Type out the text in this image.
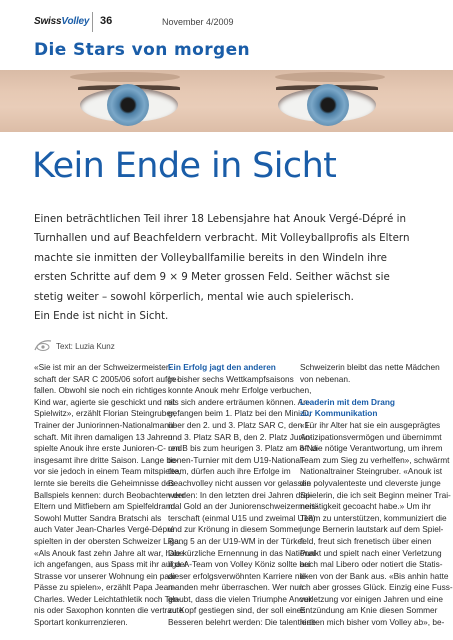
SwissVolley 36	November 4/2009
Die Stars von morgen
Kein Ende in Sicht
Einen beträchtlichen Teil ihrer 18 Lebensjahre hat Anouk Vergé-Dépré in
Turnhallen und auf Beachfeldern verbracht. Mit Volleyballprofis als Eltern
machte sie inmitten der Volleyballfamilie bereits in den Windeln ihre
ersten Schritte auf dem 9 × 9 Meter grossen Feld. Seither wächst sie
stetig weiter – sowohl körperlich, mental wie auch spielerisch.
Ein Ende ist nicht in Sicht.
Text: Luzia Kunz
«Sie ist mir an der Schweizermeister-
schaft der SAR C 2005/06 sofort aufge-
fallen. Obwohl sie noch ein richtiges
Kind war, agierte sie geschickt und mit
Spielwitz», erzählt Florian Steingruber,
Trainer der Juniorinnen-Nationalmann-
schaft. Mit ihren damaligen 13 Jahren
spielte Anouk ihre erste Junioren-C- und
insgesamt ihre dritte Saison. Lange be-
vor sie jedoch in einem Team mitspielte,
lernte sie bereits die Geheimnisse des
Ballspiels kennen: durch Beobachten der
Eltern und Mitfiebern am Spielfeldrand.
Sowohl Mutter Sandra Bratschi als
auch Vater Jean-Charles Vergé-Dépré
spielten in der obersten Schweizer Liga.
«Als Anouk fast zehn Jahre alt war, habe
ich angefangen, aus Spass mit ihr auf der
Strasse vor unserer Wohnung ein paar
Pässe zu spielen», erzählt Papa Jean-
Charles. Weder Leichtathletik noch Ten-
nis oder Saxophon konnten die vertraute
Sportart konkurrenzieren.
Ein Erfolg jagt den anderen
In bisher sechs Wettkampfsaisons
konnte Anouk mehr Erfolge verbuchen,
als sich andere erträumen können. An-
gefangen beim 1. Platz bei den Mini-D,
über den 2. und 3. Platz SAR C, den 1.
und 3. Platz SAR B, den 2. Platz Junio-
ren B bis zum heurigen 3. Platz am 8-Na-
tionen-Turnier mit dem U19-National-
team, dürfen auch ihre Erfolge im
Beachvolley nicht aussen vor gelassen
werden: In den letzten drei Jahren drei-
mal Gold an der Juniorenschweizermeis-
terschaft (einmal U15 und zweimal U18)
und zur Krönung in diesem Sommer
Rang 5 an der U19-WM in der Türkei.
Die kürzliche Ernennung in das National-
liga-A-Team von Volley Köniz sollte bei
dieser erfolgsverwöhnten Karriere nie-
manden mehr überraschen. Wer nun
glaubt, dass die vielen Triumphe Anouk
zu Kopf gestiegen sind, der soll eines
Besseren belehrt werden: Die talentierte
Schweizerin bleibt das nette Mädchen
von nebenan.
Leaderin mit dem Drang
zur Kommunikation
«Für ihr Alter hat sie ein ausgeprägtes
Antizipationsvermögen und übernimmt
oft die nötige Verantwortung, um ihrem
Team zum Sieg zu verhelfen», schwärmt
Nationaltrainer Steingruber. «Anouk ist
die polyvalenteste und cleverste junge
Spielerin, die ich seit Beginn meiner Trai-
nertätigkeit gecoacht habe.» Um ihr
Team zu unterstützen, kommuniziert die
junge Bernerin lautstark auf dem Spiel-
feld, freut sich frenetisch über einen
Punkt und spielt nach einer Verletzung
auch mal Libero oder notiert die Statis-
tiken von der Bank aus. «Bis anhin hatte
ich aber grosses Glück. Einzig eine Fuss-
verletzung vor einigen Jahren und eine
Entzündung am Knie diesen Sommer
hielten mich bisher vom Volley ab», be-
